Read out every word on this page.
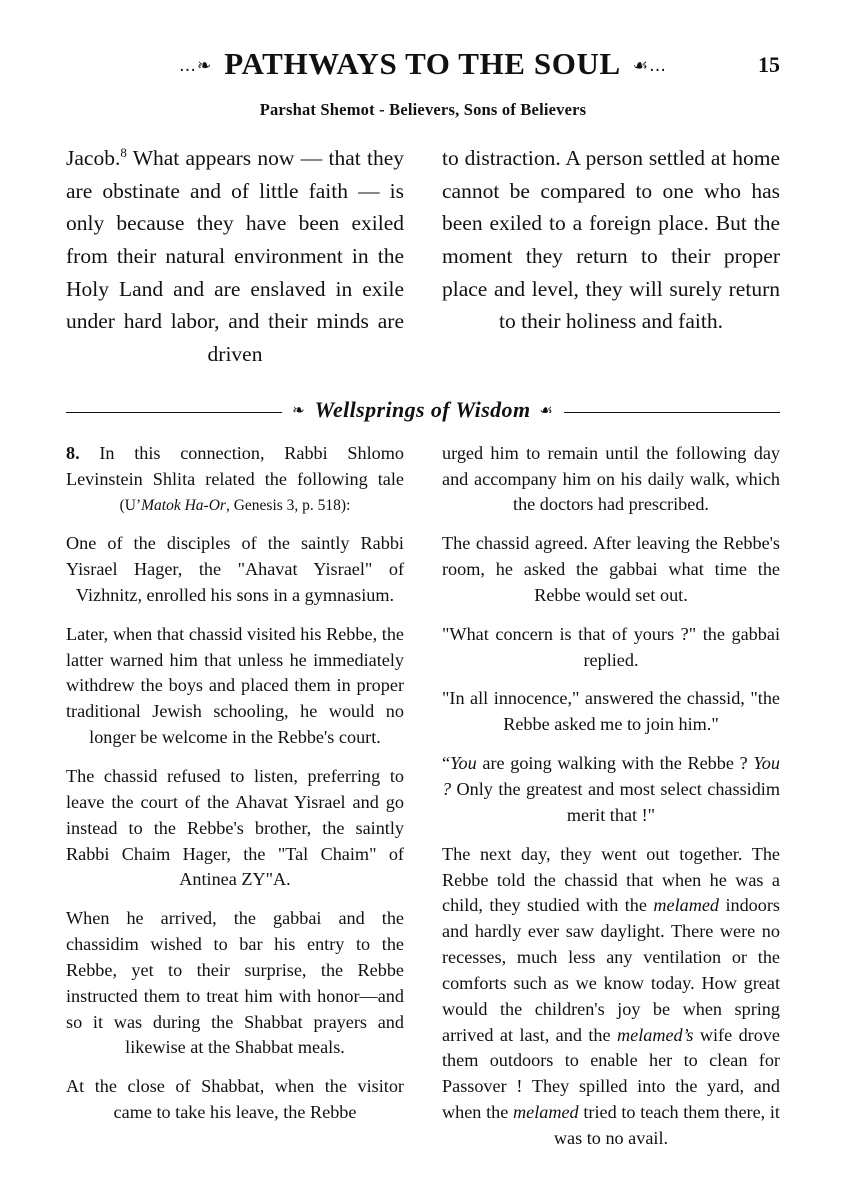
…❧ PATHWAYS TO THE SOUL ☙…	15
Parshat Shemot - Believers, Sons of Believers

Jacob.$^8$ What appears now — that they are obstinate and of little faith — is only because they have been exiled from their natural environment in the Holy Land and are enslaved in exile under hard labor, and their minds are driven

to distraction. A person settled at home cannot be compared to one who has been exiled to a foreign place. But the moment they return to their proper place and level, they will surely return to their holiness and faith.

❧ Wellsprings of Wisdom ☙

8. In this connection, Rabbi Shlomo Levinstein Shlita related the following tale (U’Matok Ha-Or, Genesis 3, p. 518):

One of the disciples of the saintly Rabbi Yisrael Hager, the "Ahavat Yisrael" of Vizhnitz, enrolled his sons in a gymnasium.

Later, when that chassid visited his Rebbe, the latter warned him that unless he immediately withdrew the boys and placed them in proper traditional Jewish schooling, he would no longer be welcome in the Rebbe's court.

The chassid refused to listen, preferring to leave the court of the Ahavat Yisrael and go instead to the Rebbe's brother, the saintly Rabbi Chaim Hager, the "Tal Chaim" of Antinea ZY"A.

When he arrived, the gabbai and the chassidim wished to bar his entry to the Rebbe, yet to their surprise, the Rebbe instructed them to treat him with honor—and so it was during the Shabbat prayers and likewise at the Shabbat meals.

At the close of Shabbat, when the visitor came to take his leave, the Rebbe

urged him to remain until the following day and accompany him on his daily walk, which the doctors had prescribed.

The chassid agreed. After leaving the Rebbe's room, he asked the gabbai what time the Rebbe would set out.

"What concern is that of yours ?" the gabbai replied.

"In all innocence," answered the chassid, "the Rebbe asked me to join him."

“You are going walking with the Rebbe ? You ? Only the greatest and most select chassidim merit that !"

The next day, they went out together. The Rebbe told the chassid that when he was a child, they studied with the melamed indoors and hardly ever saw daylight. There were no recesses, much less any ventilation or the comforts such as we know today. How great would the children's joy be when spring arrived at last, and the melamed’s wife drove them outdoors to enable her to clean for Passover ! They spilled into the yard, and when the melamed tried to teach them there, it was to no avail.
